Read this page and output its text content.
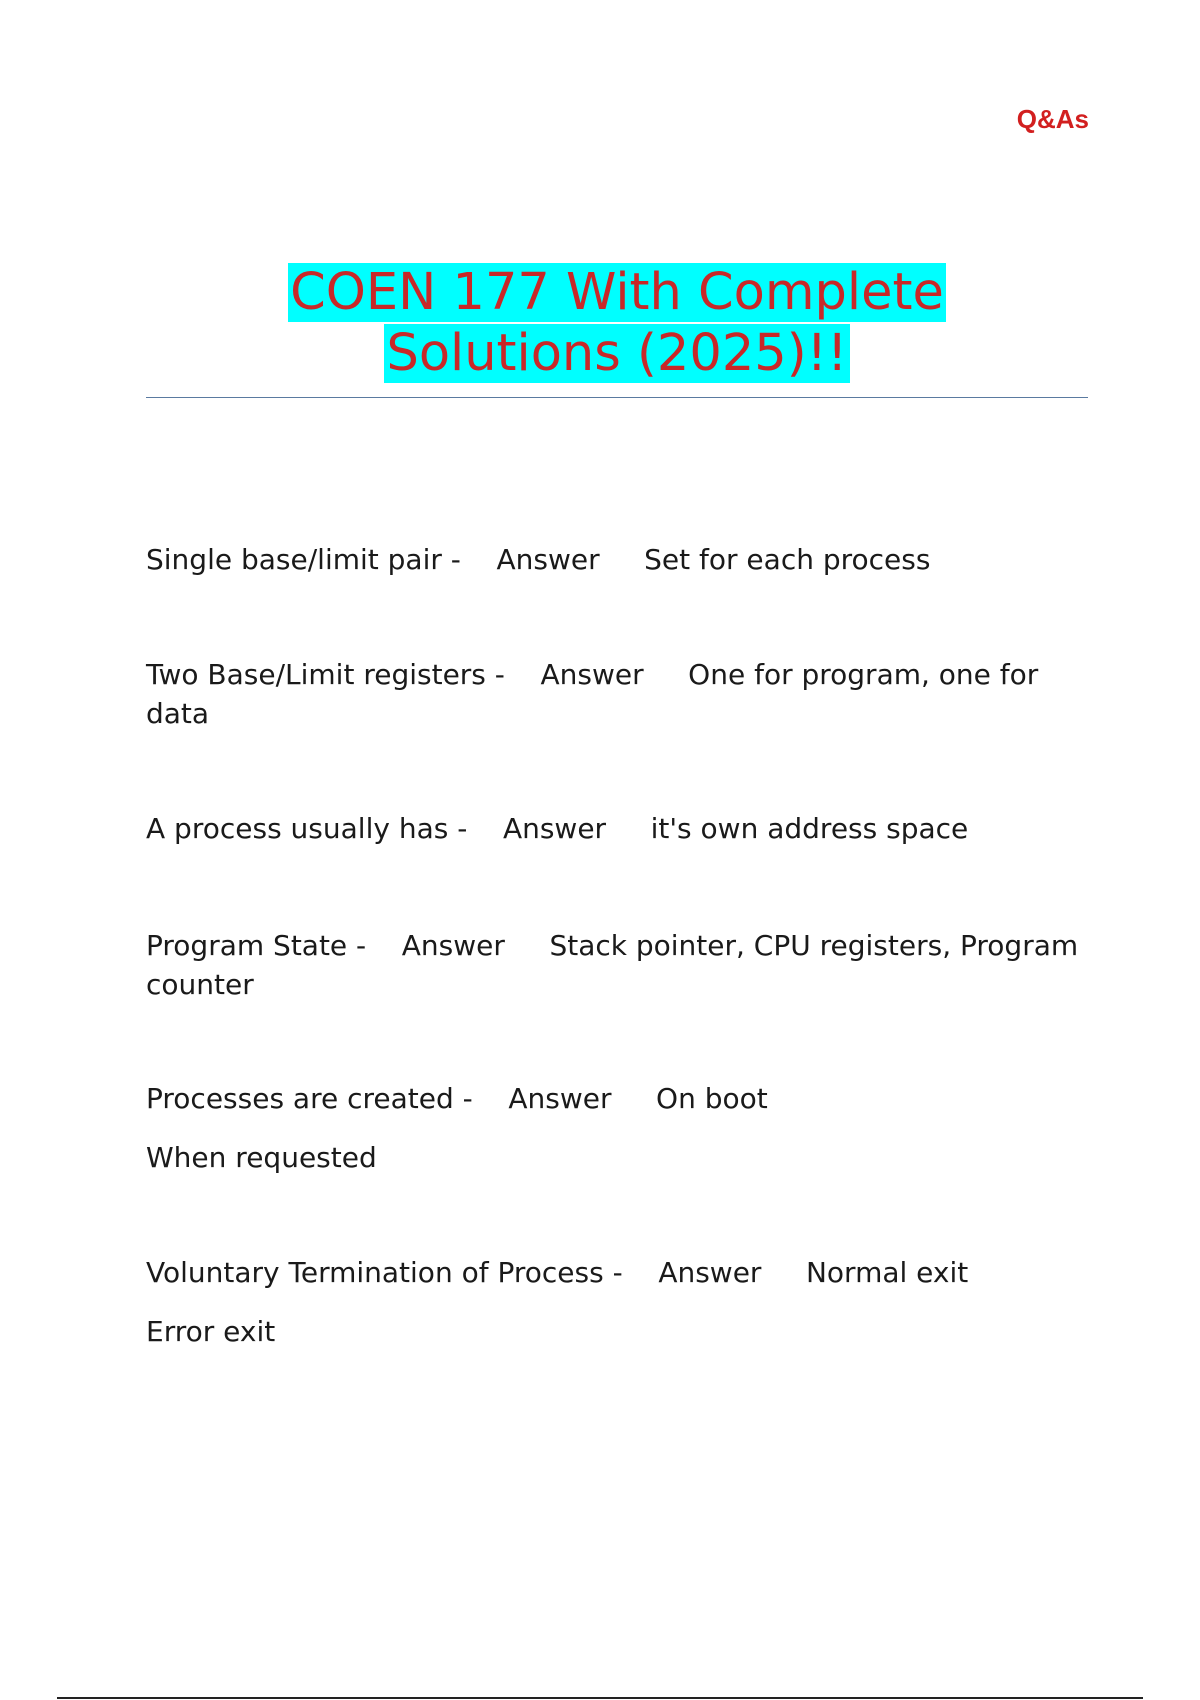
Q&As
COEN 177 With Complete
Solutions (2025)!!
Single base/limit pair - Answer Set for each process
Two Base/Limit registers - Answer One for program, one for data
A process usually has - Answer it's own address space
Program State - Answer Stack pointer, CPU registers, Program counter
Processes are created - Answer On boot
When requested
Voluntary Termination of Process - Answer Normal exit
Error exit
